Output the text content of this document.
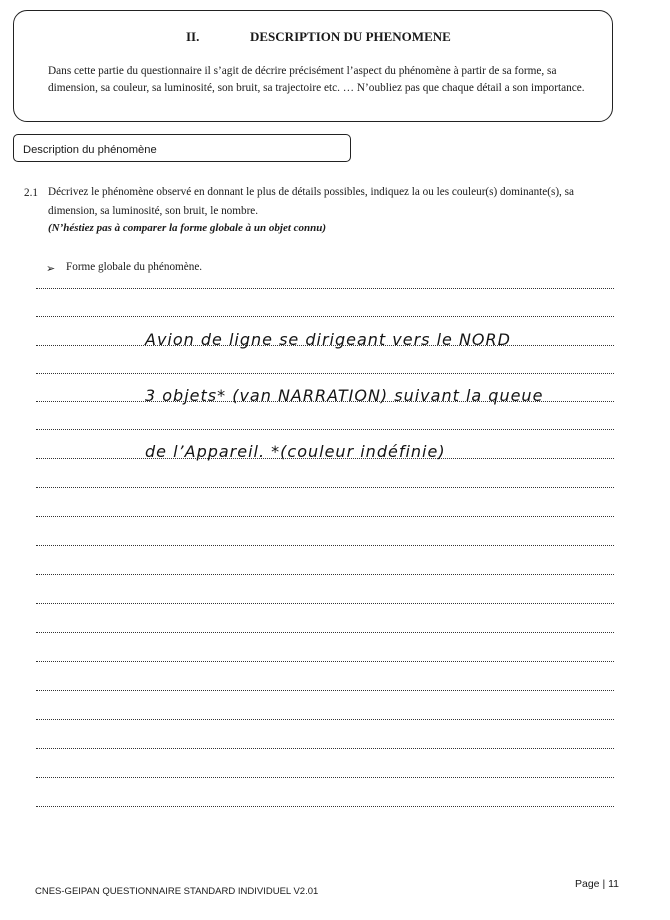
II.	DESCRIPTION DU PHENOMENE

Dans cette partie du questionnaire il s’agit de décrire précisément l’aspect du phénomène à partir de sa forme, sa dimension, sa couleur, sa luminosité, son bruit, sa trajectoire etc. … N’oubliez pas que chaque détail a son importance.

Description du phénomène
2.1 Décrivez le phénomène observé en donnant le plus de détails possibles, indiquez la ou les couleur(s) dominante(s), sa dimension, sa luminosité, son bruit, le nombre.
(N’héstiez pas à comparer la forme globale à un objet connu)
➢ Forme globale du phénomène.
Avion de ligne se dirigeant vers le NORD
3 objets* (van NARRATION) suivant la queue
de l’Appareil. *(couleur indéfinie)
CNES-GEIPAN QUESTIONNAIRE STANDARD INDIVIDUEL V2.01
Page | 11
